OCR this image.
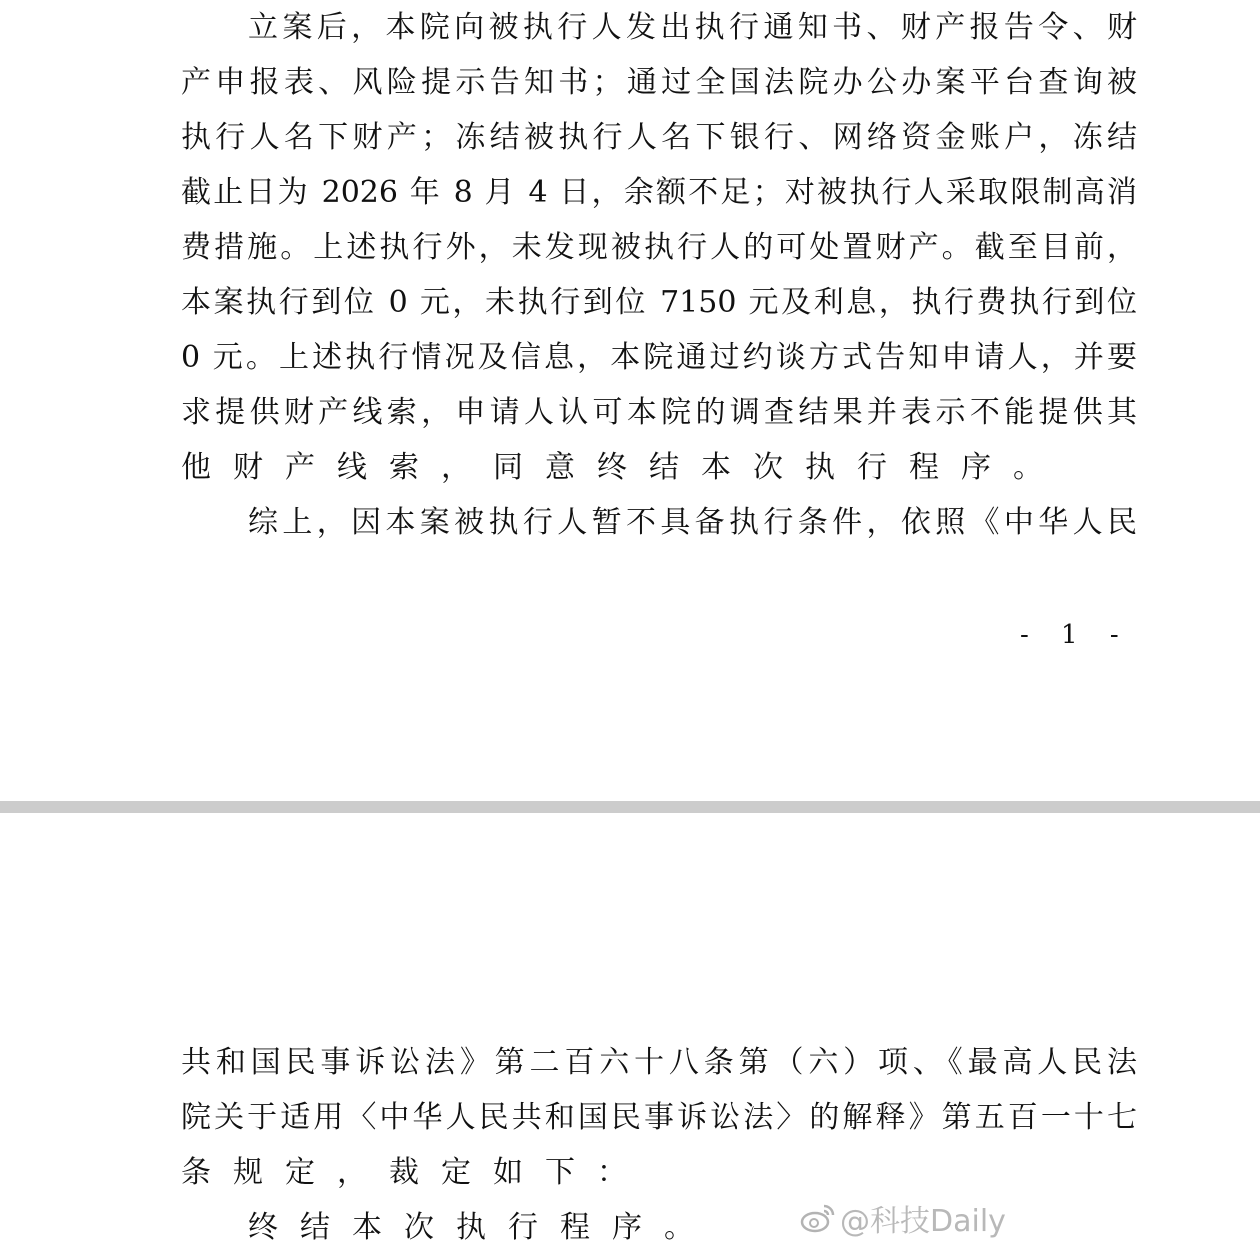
立案后，本院向被执行人发出执行通知书、财产报告令、财
产申报表、风险提示告知书；通过全国法院办公办案平台查询被
执行人名下财产；冻结被执行人名下银行、网络资金账户，冻结
截止日为 2026 年 8 月 4 日，余额不足；对被执行人采取限制高消
费措施。上述执行外，未发现被执行人的可处置财产。截至目前，
本案执行到位 0 元，未执行到位 7150 元及利息，执行费执行到位
0 元。上述执行情况及信息，本院通过约谈方式告知申请人，并要
求提供财产线索，申请人认可本院的调查结果并表示不能提供其
他财产线索，同意终结本次执行程序。
综上，因本案被执行人暂不具备执行条件，依照《中华人民
- 1 -
共和国民事诉讼法》第二百六十八条第（六）项、《最高人民法
院关于适用〈中华人民共和国民事诉讼法〉的解释》第五百一十七
条规定，裁定如下：
终结本次执行程序。	@科技Daily
